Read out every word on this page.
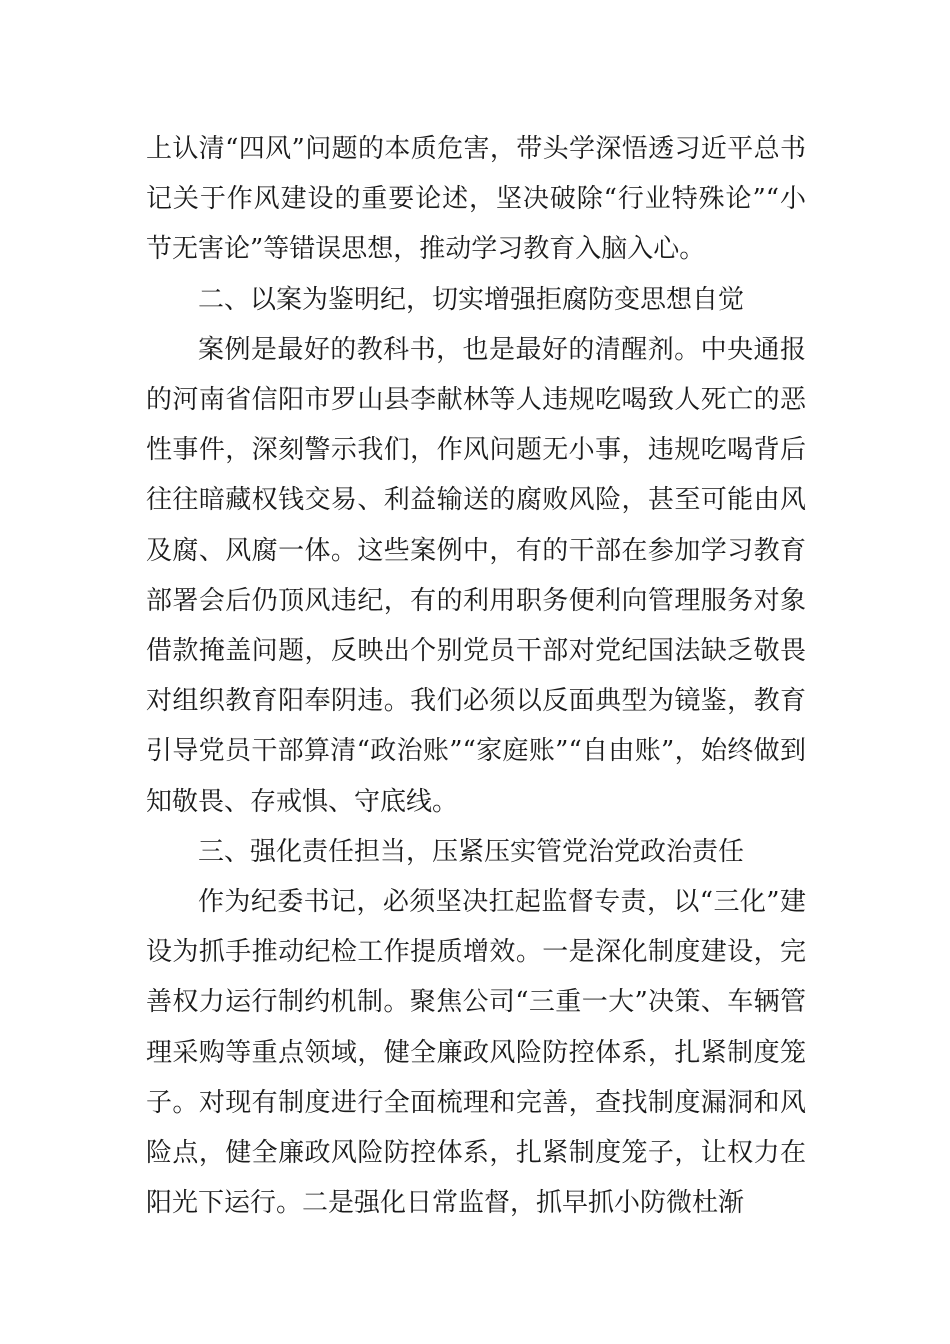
上认清“四风”问题的本质危害，带头学深悟透习近平总书记关于作风建设的重要论述，坚决破除“行业特殊论”“小节无害论”等错误思想，推动学习教育入脑入心。

二、以案为鉴明纪，切实增强拒腐防变思想自觉

案例是最好的教科书，也是最好的清醒剂。中央通报的河南省信阳市罗山县李献林等人违规吃喝致人死亡的恶性事件，深刻警示我们，作风问题无小事，违规吃喝背后往往暗藏权钱交易、利益输送的腐败风险，甚至可能由风及腐、风腐一体。这些案例中，有的干部在参加学习教育部署会后仍顶风违纪，有的利用职务便利向管理服务对象借款掩盖问题，反映出个别党员干部对党纪国法缺乏敬畏对组织教育阳奉阴违。我们必须以反面典型为镜鉴，教育引导党员干部算清“政治账”“家庭账”“自由账”，始终做到知敬畏、存戒惧、守底线。

三、强化责任担当，压紧压实管党治党政治责任

作为纪委书记，必须坚决扛起监督专责，以“三化”建设为抓手推动纪检工作提质增效。一是深化制度建设，完善权力运行制约机制。聚焦公司“三重一大”决策、车辆管理采购等重点领域，健全廉政风险防控体系，扎紧制度笼子。对现有制度进行全面梳理和完善，查找制度漏洞和风险点，健全廉政风险防控体系，扎紧制度笼子，让权力在阳光下运行。二是强化日常监督，抓早抓小防微杜渐
